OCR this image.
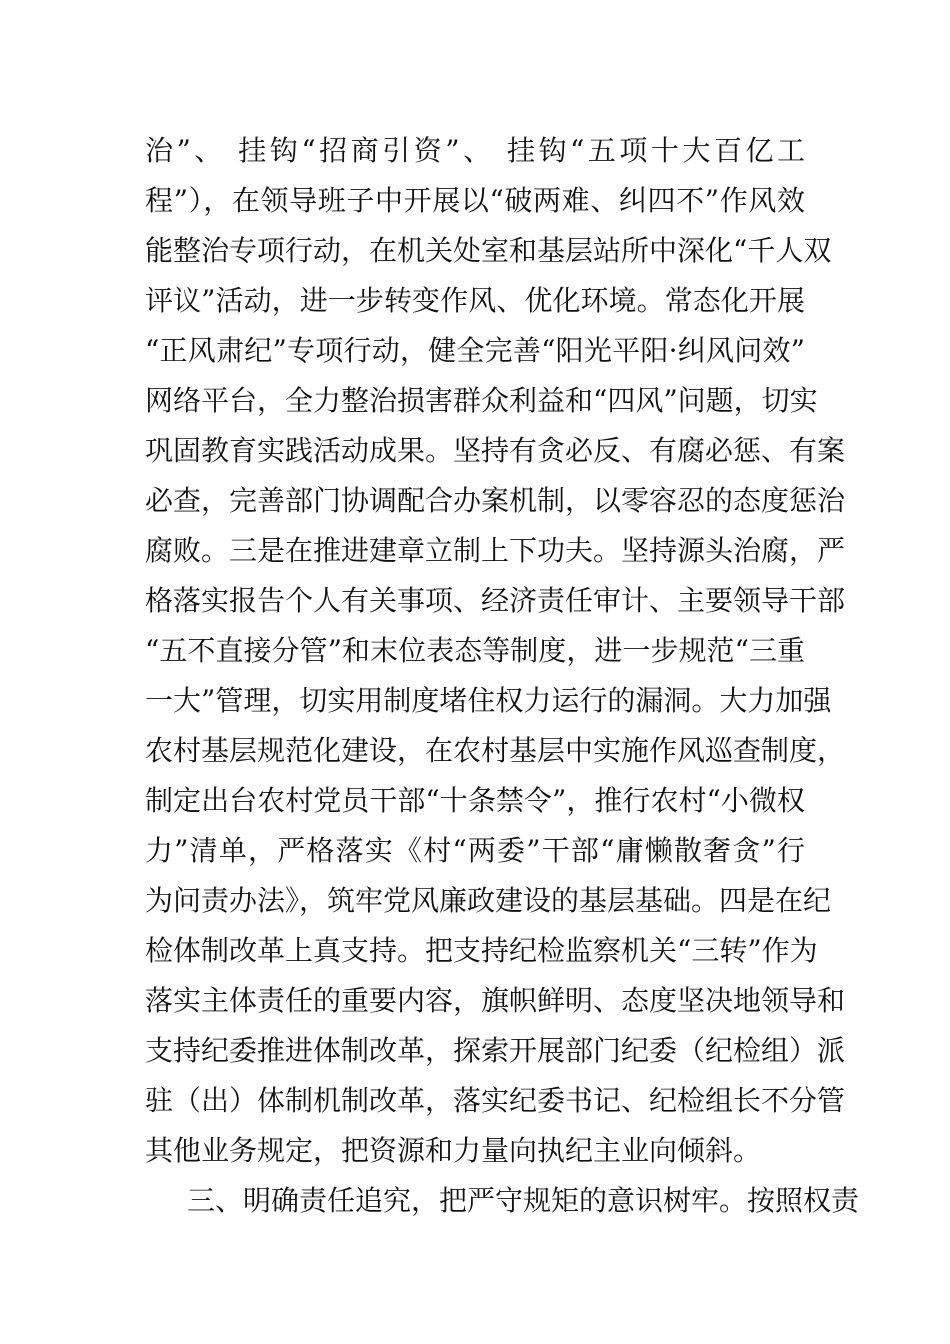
治”、 挂钩“招商引资”、 挂钩“五项十大百亿工
程”），在领导班子中开展以“破两难、纠四不”作风效
能整治专项行动，在机关处室和基层站所中深化“千人双
评议”活动，进一步转变作风、优化环境。常态化开展
“正风肃纪”专项行动，健全完善“阳光平阳·纠风问效”
网络平台，全力整治损害群众利益和“四风”问题，切实
巩固教育实践活动成果。坚持有贪必反、有腐必惩、有案
必查，完善部门协调配合办案机制，以零容忍的态度惩治
腐败。三是在推进建章立制上下功夫。坚持源头治腐，严
格落实报告个人有关事项、经济责任审计、主要领导干部
“五不直接分管”和末位表态等制度，进一步规范“三重
一大”管理，切实用制度堵住权力运行的漏洞。大力加强
农村基层规范化建设，在农村基层中实施作风巡查制度，
制定出台农村党员干部“十条禁令”，推行农村“小微权
力”清单，严格落实《村“两委”干部“庸懒散奢贪”行
为问责办法》，筑牢党风廉政建设的基层基础。四是在纪
检体制改革上真支持。把支持纪检监察机关“三转”作为
落实主体责任的重要内容，旗帜鲜明、态度坚决地领导和
支持纪委推进体制改革，探索开展部门纪委（纪检组）派
驻（出）体制机制改革，落实纪委书记、纪检组长不分管
其他业务规定，把资源和力量向执纪主业向倾斜。
三、明确责任追究，把严守规矩的意识树牢。按照权责
